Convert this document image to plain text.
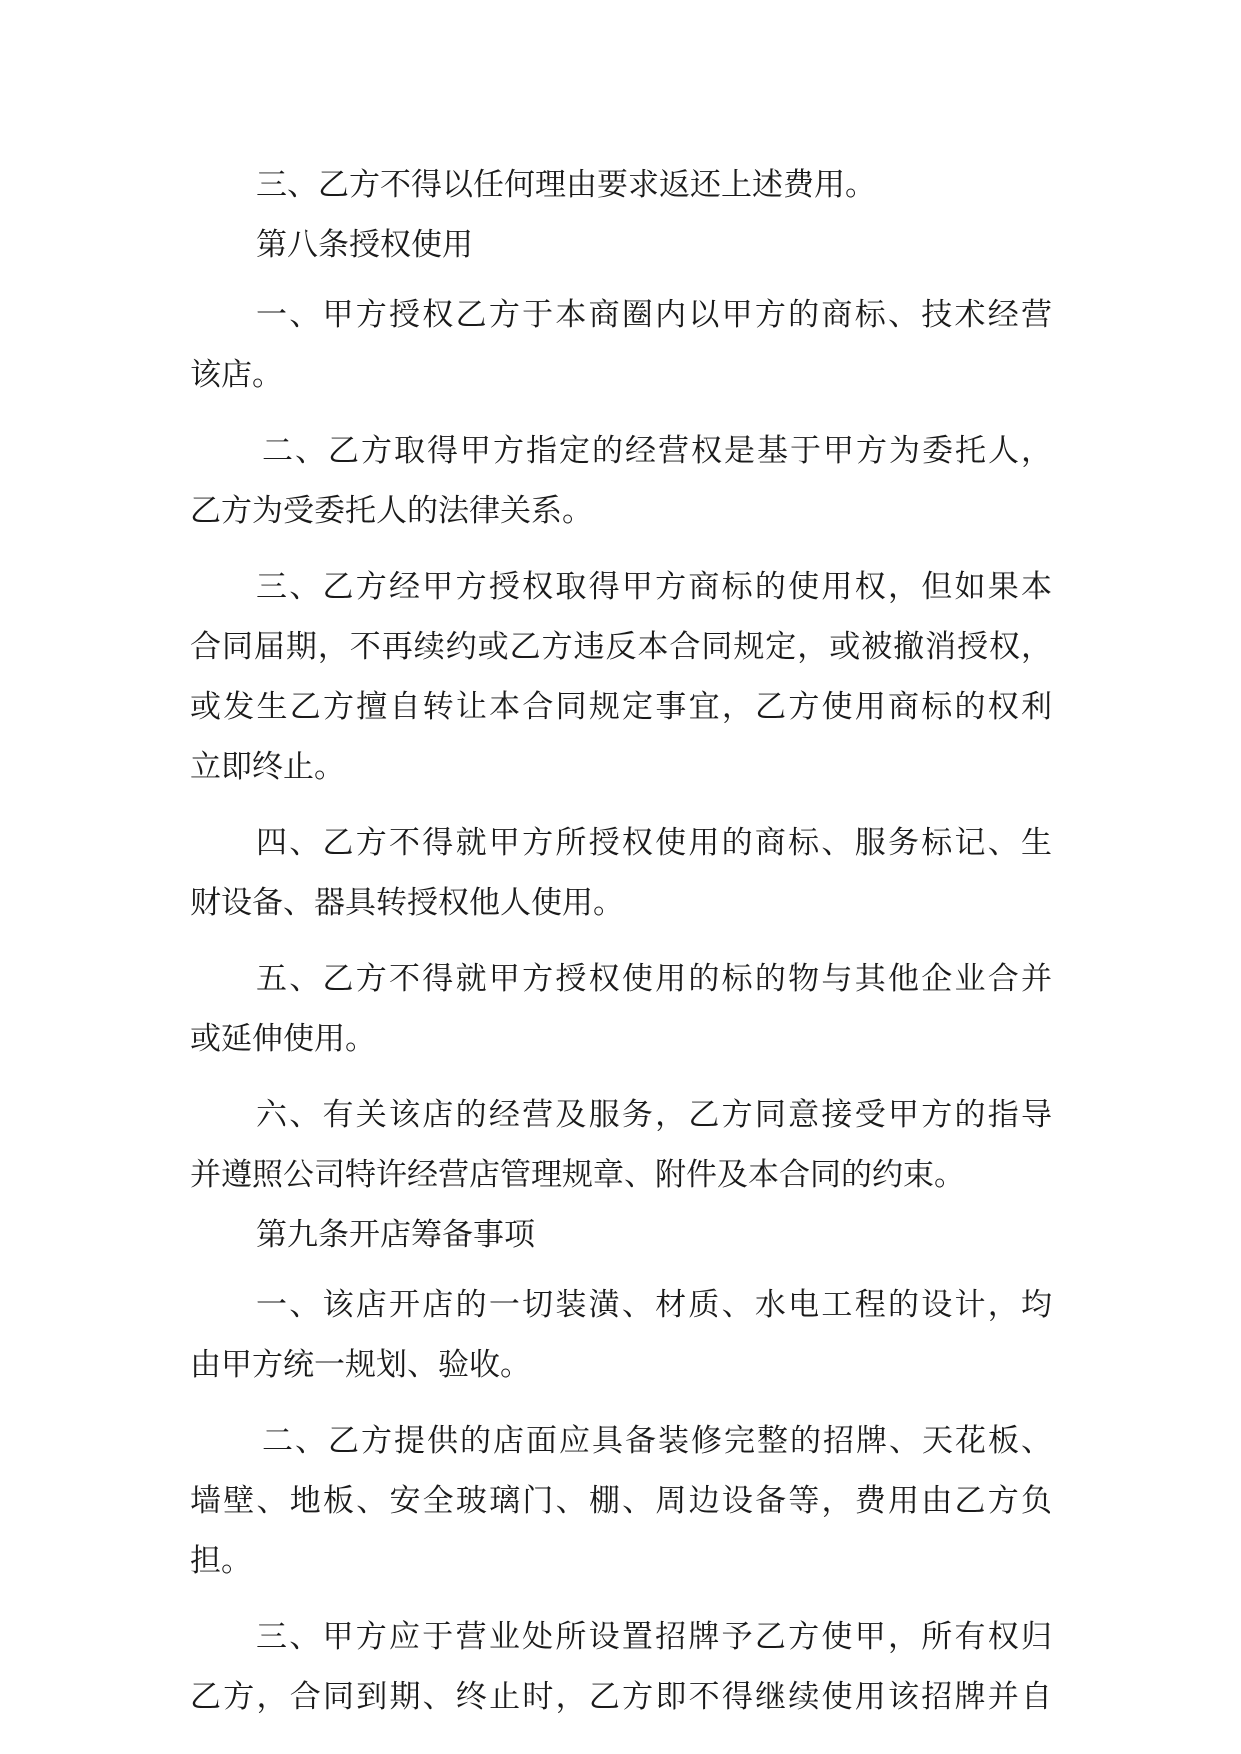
三、乙方不得以任何理由要求返还上述费用。
第八条授权使用
一、甲方授权乙方于本商圈内以甲方的商标、技术经营
该店。
二、乙方取得甲方指定的经营权是基于甲方为委托人，
乙方为受委托人的法律关系。
三、乙方经甲方授权取得甲方商标的使用权，但如果本
合同届期，不再续约或乙方违反本合同规定，或被撤消授权，
或发生乙方擅自转让本合同规定事宜，乙方使用商标的权利
立即终止。
四、乙方不得就甲方所授权使用的商标、服务标记、生
财设备、器具转授权他人使用。
五、乙方不得就甲方授权使用的标的物与其他企业合并
或延伸使用。
六、有关该店的经营及服务，乙方同意接受甲方的指导
并遵照公司特许经营店管理规章、附件及本合同的约束。
第九条开店筹备事项
一、该店开店的一切装潢、材质、水电工程的设计，均
由甲方统一规划、验收。
二、乙方提供的店面应具备装修完整的招牌、天花板、
墙壁、地板、安全玻璃门、棚、周边设备等，费用由乙方负
担。
三、甲方应于营业处所设置招牌予乙方使甲，所有权归
乙方，合同到期、终止时，乙方即不得继续使用该招牌并自
